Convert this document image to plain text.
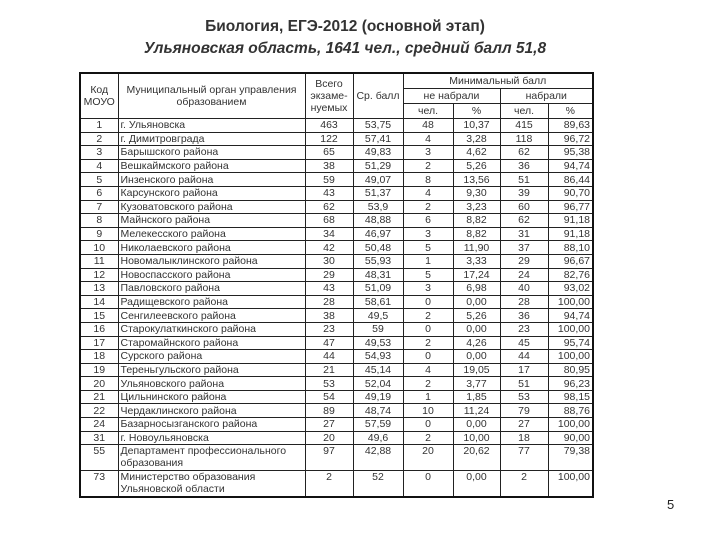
Биология, ЕГЭ-2012 (основной этап)
Ульяновская область, 1641 чел., средний балл 51,8
Код МОУО	Муниципальный орган управления образованием	Всего экзаме-нуемых	Ср. балл	Минимальный балл			
				не набрали		набрали	
				чел.	%	чел.	%
1	г. Ульяновска	463	53,75	48	10,37	415	89,63
2	г. Димитровграда	122	57,41	4	3,28	118	96,72
3	Барышского района	65	49,83	3	4,62	62	95,38
4	Вешкаймского района	38	51,29	2	5,26	36	94,74
5	Инзенского района	59	49,07	8	13,56	51	86,44
6	Карсунского района	43	51,37	4	9,30	39	90,70
7	Кузоватовского района	62	53,9	2	3,23	60	96,77
8	Майнского района	68	48,88	6	8,82	62	91,18
9	Мелекесского района	34	46,97	3	8,82	31	91,18
10	Николаевского района	42	50,48	5	11,90	37	88,10
11	Новомалыклинского района	30	55,93	1	3,33	29	96,67
12	Новоспасского района	29	48,31	5	17,24	24	82,76
13	Павловского района	43	51,09	3	6,98	40	93,02
14	Радищевского района	28	58,61	0	0,00	28	100,00
15	Сенгилеевского района	38	49,5	2	5,26	36	94,74
16	Старокулаткинского района	23	59	0	0,00	23	100,00
17	Старомайнского района	47	49,53	2	4,26	45	95,74
18	Сурского района	44	54,93	0	0,00	44	100,00
19	Тереньгульского района	21	45,14	4	19,05	17	80,95
20	Ульяновского района	53	52,04	2	3,77	51	96,23
21	Цильнинского района	54	49,19	1	1,85	53	98,15
22	Чердаклинского района	89	48,74	10	11,24	79	88,76
24	Базарносызганского района	27	57,59	0	0,00	27	100,00
31	г. Новоульяновска	20	49,6	2	10,00	18	90,00
55	Департамент профессионального образования	97	42,88	20	20,62	77	79,38
73	Министерство образования Ульяновской области	2	52	0	0,00	2	100,00
5
